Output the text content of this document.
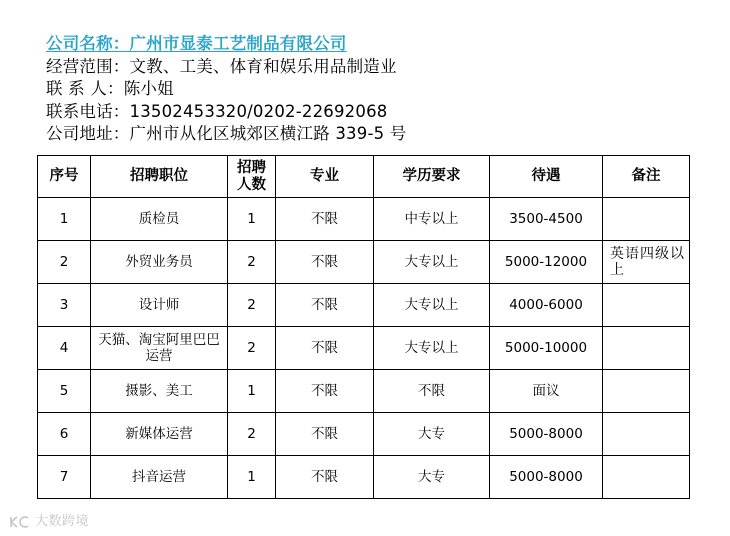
公司名称：广州市显泰工艺制品有限公司
经营范围：文教、工美、体育和娱乐用品制造业
联 系 人：陈小姐
联系电话：13502453320/0202-22692068
公司地址：广州市从化区城郊区横江路 339-5 号
序号	招聘职位	招聘人数	专业	学历要求	待遇	备注
1	质检员	1	不限	中专以上	3500-4500	
2	外贸业务员	2	不限	大专以上	5000-12000	英语四级以上
3	设计师	2	不限	大专以上	4000-6000	
4	天猫、淘宝阿里巴巴运营	2	不限	大专以上	5000-10000	
5	摄影、美工	1	不限	不限	面议	
6	新媒体运营	2	不限	大专	5000-8000	
7	抖音运营	1	不限	大专	5000-8000	
大数跨境
